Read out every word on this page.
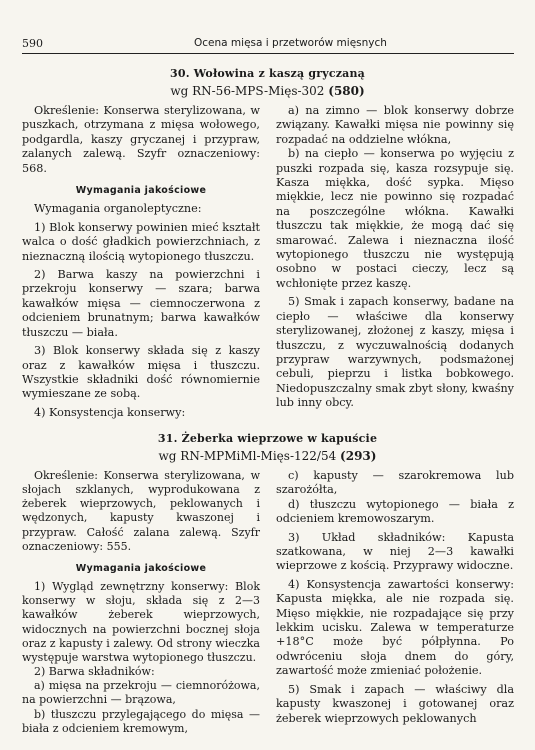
590	Ocena mięsa i przetworów mięsnych
30. Wołowina z kaszą gryczaną
wg RN-56-MPS-Mięs-302 (580)

Określenie: Konserwa sterylizowana, w puszkach, otrzymana z mięsa wołowego, podgardla, kaszy gryczanej i przypraw, zalanych zalewą. Szyfr oznaczeniowy: 568.

Wymagania jakościowe

Wymagania organoleptyczne:

1) Blok konserwy powinien mieć kształt walca o dość gładkich powierzchniach, z nieznaczną ilością wytopionego tłuszczu.

2) Barwa kaszy na powierzchni i przekroju konserwy — szara; barwa kawałków mięsa — ciemnoczerwona z odcieniem brunatnym; barwa kawałków tłuszczu — biała.

3) Blok konserwy składa się z kaszy oraz z kawałków mięsa i tłuszczu. Wszystkie składniki dość równomiernie wymieszane ze sobą.

4) Konsystencja konserwy:

a) na zimno — blok konserwy dobrze związany. Kawałki mięsa nie powinny się rozpadać na oddzielne włókna,

b) na ciepło — konserwa po wyjęciu z puszki rozpada się, kasza rozsypuje się. Kasza miękka, dość sypka. Mięso miękkie, lecz nie powinno się rozpadać na poszczególne włókna. Kawałki tłuszczu tak miękkie, że mogą dać się smarować. Zalewa i nieznaczna ilość wytopionego tłuszczu nie występują osobno w postaci cieczy, lecz są wchłonięte przez kaszę.

5) Smak i zapach konserwy, badane na ciepło — właściwe dla konserwy sterylizowanej, złożonej z kaszy, mięsa i tłuszczu, z wyczuwalnością dodanych przypraw warzywnych, podsmażonej cebuli, pieprzu i listka bobkowego. Niedopuszczalny smak zbyt słony, kwaśny lub inny obcy.

31. Żeberka wieprzowe w kapuście
wg RN-MPMiMl-Mięs-122/54 (293)

Określenie: Konserwa sterylizowana, w słojach szklanych, wyprodukowana z żeberek wieprzowych, peklowanych i wędzonych, kapusty kwaszonej i przypraw. Całość zalana zalewą. Szyfr oznaczeniowy: 555.

Wymagania jakościowe

1) Wygląd zewnętrzny konserwy: Blok konserwy w słoju, składa się z 2—3 kawałków żeberek wieprzowych, widocznych na powierzchni bocznej słoja oraz z kapusty i zalewy. Od strony wieczka występuje warstwa wytopionego tłuszczu.

2) Barwa składników:

a) mięsa na przekroju — ciemnoróżowa, na powierzchni — brązowa,

b) tłuszczu przylegającego do mięsa — biała z odcieniem kremowym,

c) kapusty — szarokremowa lub szarożółta,

d) tłuszczu wytopionego — biała z odcieniem kremowoszarym.

3) Układ składników: Kapusta szatkowana, w niej 2—3 kawałki wieprzowe z kością. Przyprawy widoczne.

4) Konsystencja zawartości konserwy: Kapusta miękka, ale nie rozpada się. Mięso miękkie, nie rozpadające się przy lekkim ucisku. Zalewa w temperaturze +18°C może być półpłynna. Po odwróceniu słoja dnem do góry, zawartość może zmieniać położenie.

5) Smak i zapach — właściwy dla kapusty kwaszonej i gotowanej oraz żeberek wieprzowych peklowanych
